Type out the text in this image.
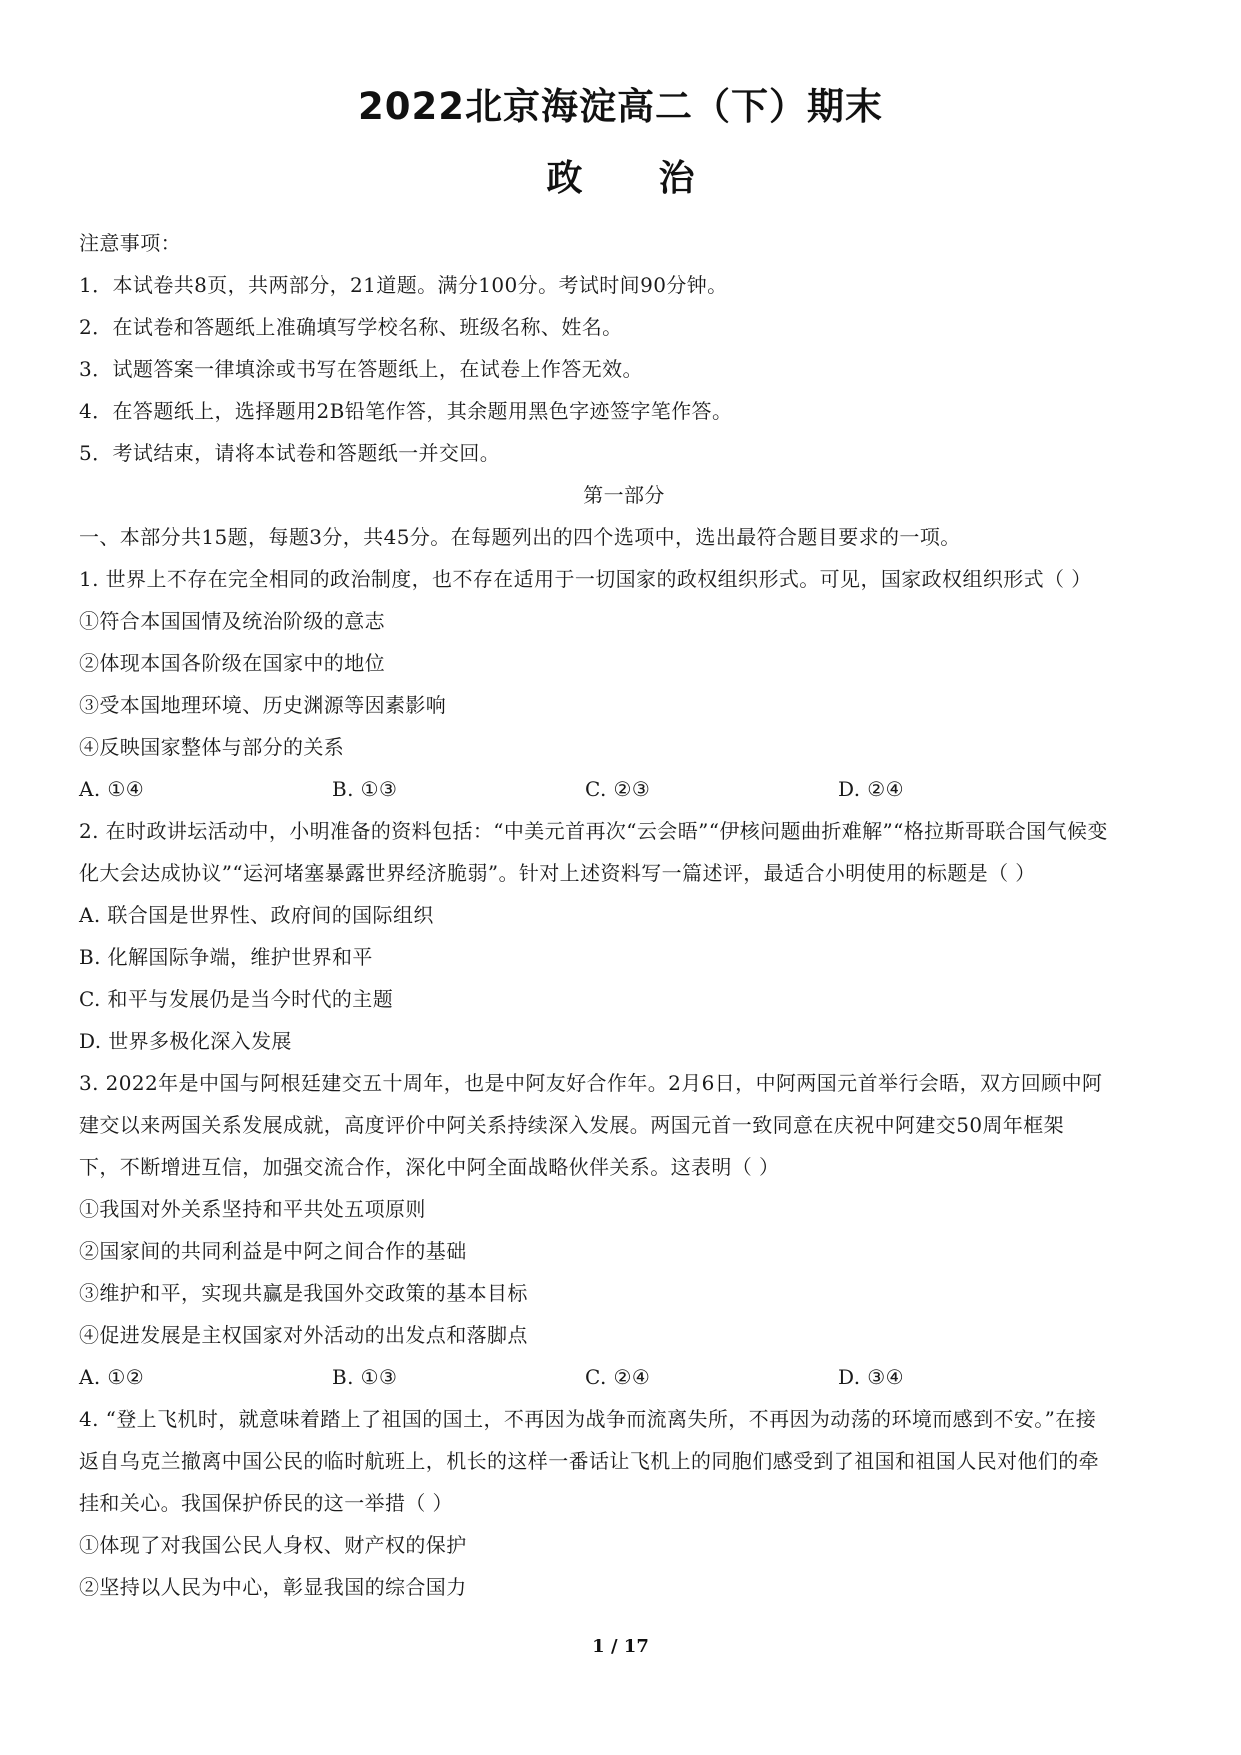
2022北京海淀高二（下）期末
政治
注意事项：
1．本试卷共8页，共两部分，21道题。满分100分。考试时间90分钟。
2．在试卷和答题纸上准确填写学校名称、班级名称、姓名。
3．试题答案一律填涂或书写在答题纸上，在试卷上作答无效。
4．在答题纸上，选择题用2B铅笔作答，其余题用黑色字迹签字笔作答。
5．考试结束，请将本试卷和答题纸一并交回。
第一部分
一、本部分共15题，每题3分，共45分。在每题列出的四个选项中，选出最符合题目要求的一项。
1. 世界上不存在完全相同的政治制度，也不存在适用于一切国家的政权组织形式。可见，国家政权组织形式（ ）
①符合本国国情及统治阶级的意志
②体现本国各阶级在国家中的地位
③受本国地理环境、历史渊源等因素影响
④反映国家整体与部分的关系
A. ①④	B. ①③	C. ②③	D. ②④
2. 在时政讲坛活动中，小明准备的资料包括：“中美元首再次“云会晤”“伊核问题曲折难解”“格拉斯哥联合国气候变
化大会达成协议”“运河堵塞暴露世界经济脆弱”。针对上述资料写一篇述评，最适合小明使用的标题是（ ）
A. 联合国是世界性、政府间的国际组织
B. 化解国际争端，维护世界和平
C. 和平与发展仍是当今时代的主题
D. 世界多极化深入发展
3. 2022年是中国与阿根廷建交五十周年，也是中阿友好合作年。2月6日，中阿两国元首举行会晤，双方回顾中阿
建交以来两国关系发展成就，高度评价中阿关系持续深入发展。两国元首一致同意在庆祝中阿建交50周年框架
下，不断增进互信，加强交流合作，深化中阿全面战略伙伴关系。这表明（ ）
①我国对外关系坚持和平共处五项原则
②国家间的共同利益是中阿之间合作的基础
③维护和平，实现共赢是我国外交政策的基本目标
④促进发展是主权国家对外活动的出发点和落脚点
A. ①②	B. ①③	C. ②④	D. ③④
4. “登上飞机时，就意味着踏上了祖国的国土，不再因为战争而流离失所，不再因为动荡的环境而感到不安。”在接
返自乌克兰撤离中国公民的临时航班上，机长的这样一番话让飞机上的同胞们感受到了祖国和祖国人民对他们的牵
挂和关心。我国保护侨民的这一举措（ ）
①体现了对我国公民人身权、财产权的保护
②坚持以人民为中心，彰显我国的综合国力
1 / 17
